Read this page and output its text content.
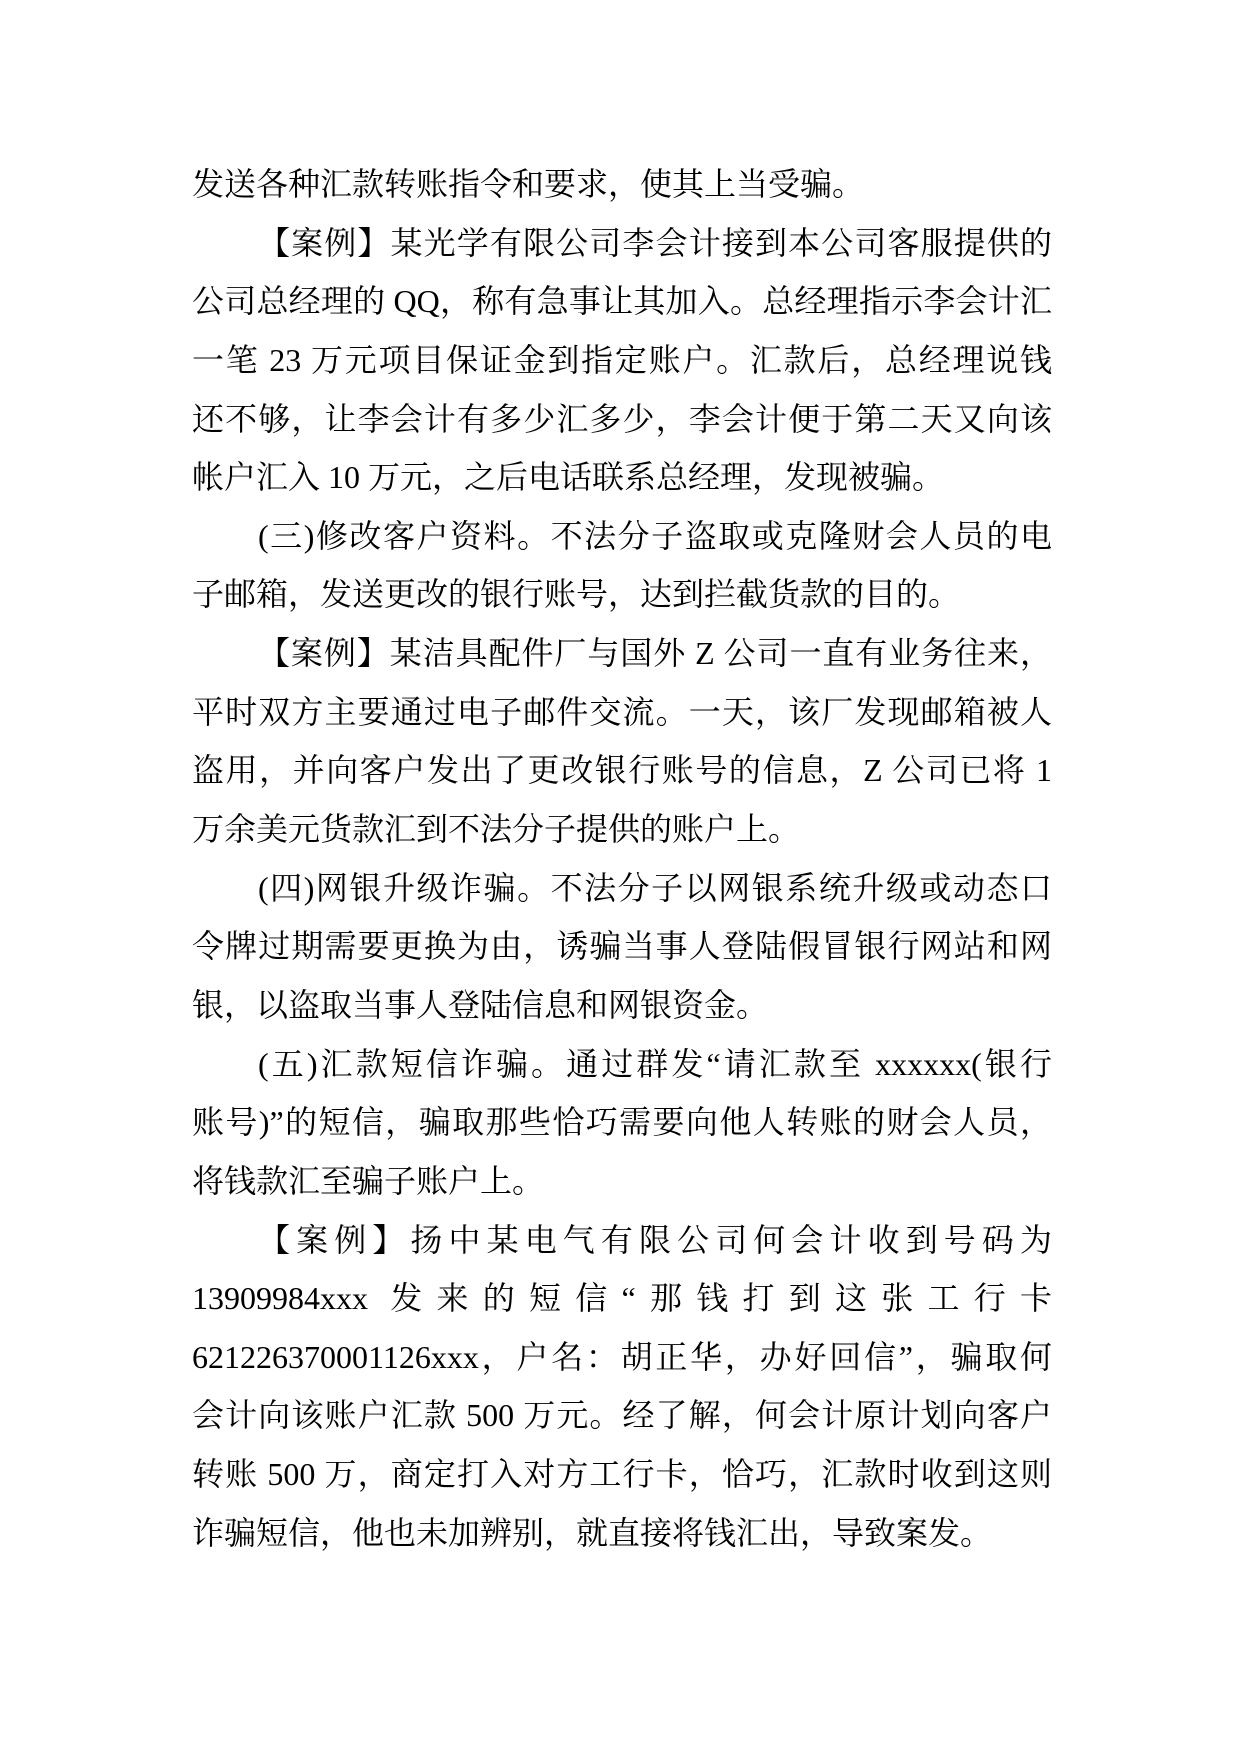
发送各种汇款转账指令和要求，使其上当受骗。
【案例】某光学有限公司李会计接到本公司客服提供的
公司总经理的 QQ，称有急事让其加入。总经理指示李会计汇
一笔 23 万元项目保证金到指定账户。汇款后，总经理说钱
还不够，让李会计有多少汇多少，李会计便于第二天又向该
帐户汇入 10 万元，之后电话联系总经理，发现被骗。
(三)修改客户资料。不法分子盗取或克隆财会人员的电
子邮箱，发送更改的银行账号，达到拦截货款的目的。
【案例】某洁具配件厂与国外 Z 公司一直有业务往来，
平时双方主要通过电子邮件交流。一天，该厂发现邮箱被人
盗用，并向客户发出了更改银行账号的信息，Z 公司已将 1
万余美元货款汇到不法分子提供的账户上。
(四)网银升级诈骗。不法分子以网银系统升级或动态口
令牌过期需要更换为由，诱骗当事人登陆假冒银行网站和网
银，以盗取当事人登陆信息和网银资金。
(五)汇款短信诈骗。通过群发“请汇款至 xxxxxx(银行
账号)”的短信，骗取那些恰巧需要向他人转账的财会人员，
将钱款汇至骗子账户上。
【案例】扬中某电气有限公司何会计收到号码为
13909984xxx 发来的短信“那钱打到这张工行卡
621226370001126xxx，户名：胡正华，办好回信”，骗取何
会计向该账户汇款 500 万元。经了解，何会计原计划向客户
转账 500 万，商定打入对方工行卡，恰巧，汇款时收到这则
诈骗短信，他也未加辨别，就直接将钱汇出，导致案发。
